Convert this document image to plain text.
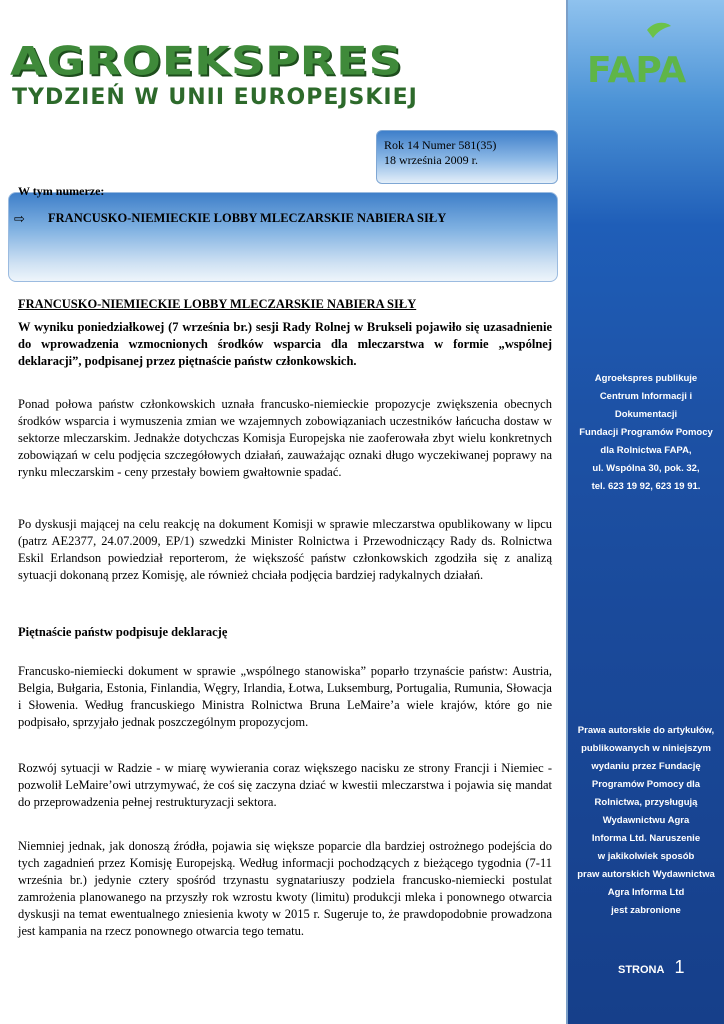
AGROEKSPRES
TYDZIEŃ W UNII EUROPEJSKIEJ
FAPA
Agroekspres publikuje
Centrum Informacji i Dokumentacji
Fundacji Programów Pomocy
dla Rolnictwa FAPA,
ul. Wspólna 30, pok. 32,
tel. 623 19 92, 623 19 91.
Prawa autorskie do artykułów,
publikowanych w niniejszym
wydaniu przez Fundację
Programów Pomocy dla
Rolnictwa, przysługują
Wydawnictwu Agra
Informa Ltd. Naruszenie
w jakikolwiek sposób
praw autorskich Wydawnictwa
Agra Informa Ltd
jest zabronione
STRONA 1
Rok 14 Numer 581(35)
18 września 2009 r.
W tym numerze:
⇨ FRANCUSKO-NIEMIECKIE LOBBY MLECZARSKIE NABIERA SIŁY
FRANCUSKO-NIEMIECKIE LOBBY MLECZARSKIE NABIERA SIŁY
W wyniku poniedziałkowej (7 września br.) sesji Rady Rolnej w Brukseli pojawiło się uzasadnienie do wprowadzenia wzmocnionych środków wsparcia dla mleczarstwa w formie „wspólnej deklaracji”, podpisanej przez piętnaście państw członkowskich.
Ponad połowa państw członkowskich uznała francusko-niemieckie propozycje zwiększenia obecnych środków wsparcia i wymuszenia zmian we wzajemnych zobowiązaniach uczestników łańcucha dostaw w sektorze mleczarskim. Jednakże dotychczas Komisja Europejska nie zaoferowała zbyt wielu konkretnych zobowiązań w celu podjęcia szczegółowych działań, zauważając oznaki długo wyczekiwanej poprawy na rynku mleczarskim - ceny przestały bowiem gwałtownie spadać.
Po dyskusji mającej na celu reakcję na dokument Komisji w sprawie mleczarstwa opublikowany w lipcu (patrz AE2377, 24.07.2009, EP/1) szwedzki Minister Rolnictwa i Przewodniczący Rady ds. Rolnictwa Eskil Erlandson powiedział reporterom, że większość państw członkowskich zgodziła się z analizą sytuacji dokonaną przez Komisję, ale również chciała podjęcia bardziej radykalnych działań.
Piętnaście państw podpisuje deklarację
Francusko-niemiecki dokument w sprawie „wspólnego stanowiska” poparło trzynaście państw: Austria, Belgia, Bułgaria, Estonia, Finlandia, Węgry, Irlandia, Łotwa, Luksemburg, Portugalia, Rumunia, Słowacja i Słowenia. Według francuskiego Ministra Rolnictwa Bruna LeMaire’a wiele krajów, które go nie podpisało, sprzyjało jednak poszczególnym propozycjom.
Rozwój sytuacji w Radzie - w miarę wywierania coraz większego nacisku ze strony Francji i Niemiec - pozwolił LeMaire’owi utrzymywać, że coś się zaczyna dziać w kwestii mleczarstwa i pojawia się mandat do przeprowadzenia pełnej restrukturyzacji sektora.
Niemniej jednak, jak donoszą źródła, pojawia się większe poparcie dla bardziej ostrożnego podejścia do tych zagadnień przez Komisję Europejską. Według informacji pochodzących z bieżącego tygodnia (7-11 września br.) jedynie cztery spośród trzynastu sygnatariuszy podziela francusko-niemiecki postulat zamrożenia planowanego na przyszły rok wzrostu kwoty (limitu) produkcji mleka i ponownego otwarcia dyskusji na temat ewentualnego zniesienia kwoty w 2015 r. Sugeruje to, że prawdopodobnie prowadzona jest kampania na rzecz ponownego otwarcia tego tematu.
